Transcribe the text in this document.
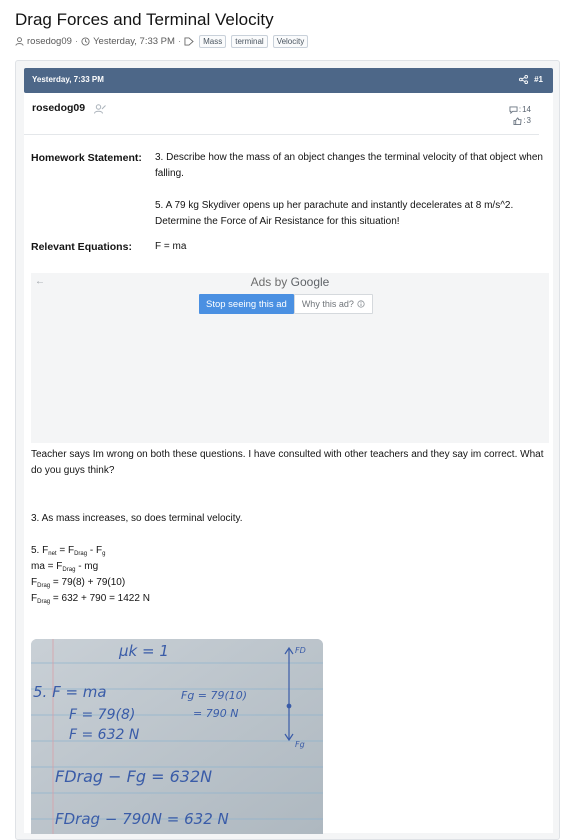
Drag Forces and Terminal Velocity
rosedog09 · Yesterday, 7:33 PM ·	Mass	terminal	Velocity
Yesterday, 7:33 PM	#1
rosedog09	: 14
: 3
Homework Statement: 3. Describe how the mass of an object changes the terminal velocity of that object when falling.
5. A 79 kg Skydiver opens up her parachute and instantly decelerates at 8 m/s^2. Determine the Force of Air Resistance for this situation!
Relevant Equations: F = ma
←	Ads by Google
Stop seeing this ad	Why this ad?
Teacher says Im wrong on both these questions. I have consulted with other teachers and they say im correct. What do you guys think?
3. As mass increases, so does terminal velocity.
5. $F_{net} = F_{Drag} - F_g$
ma = $F_{Drag}$ - mg
$F_{Drag} = 79(8) + 79(10)$
$F_{Drag} = 632 + 790 = 1422$ N
μk = 1
5. F = ma
F = 79(8)
F = 632 N
Fg = 79(10)
= 790 N
FDrag − Fg = 632N
FDrag − 790N = 632 N
FD
Fg
